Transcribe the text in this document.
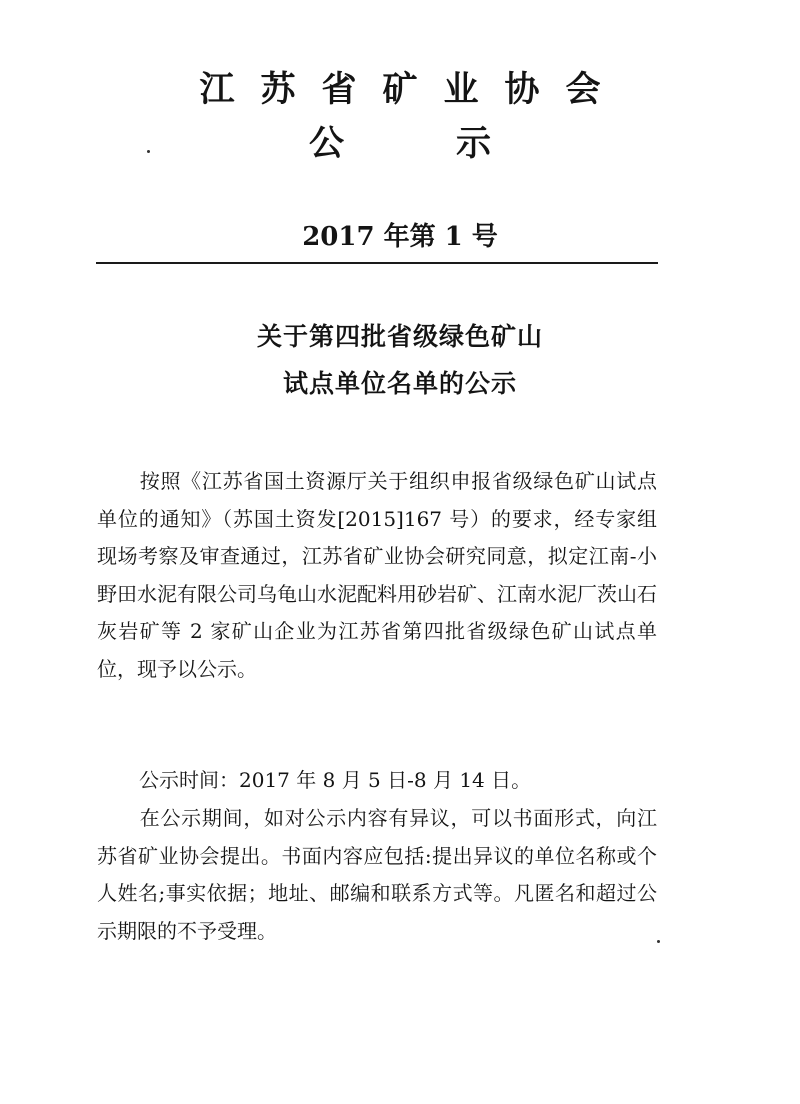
江苏省矿业协会
公示
2017 年第 1 号
关于第四批省级绿色矿山
试点单位名单的公示
按照《江苏省国土资源厅关于组织申报省级绿色矿山试点单位的通知》（苏国土资发[2015]167 号）的要求，经专家组现场考察及审查通过，江苏省矿业协会研究同意，拟定江南-小野田水泥有限公司乌龟山水泥配料用砂岩矿、江南水泥厂茨山石灰岩矿等 2 家矿山企业为江苏省第四批省级绿色矿山试点单位，现予以公示。
公示时间：2017 年 8 月 5 日-8 月 14 日。
在公示期间，如对公示内容有异议，可以书面形式，向江苏省矿业协会提出。书面内容应包括:提出异议的单位名称或个人姓名;事实依据；地址、邮编和联系方式等。凡匿名和超过公示期限的不予受理。
